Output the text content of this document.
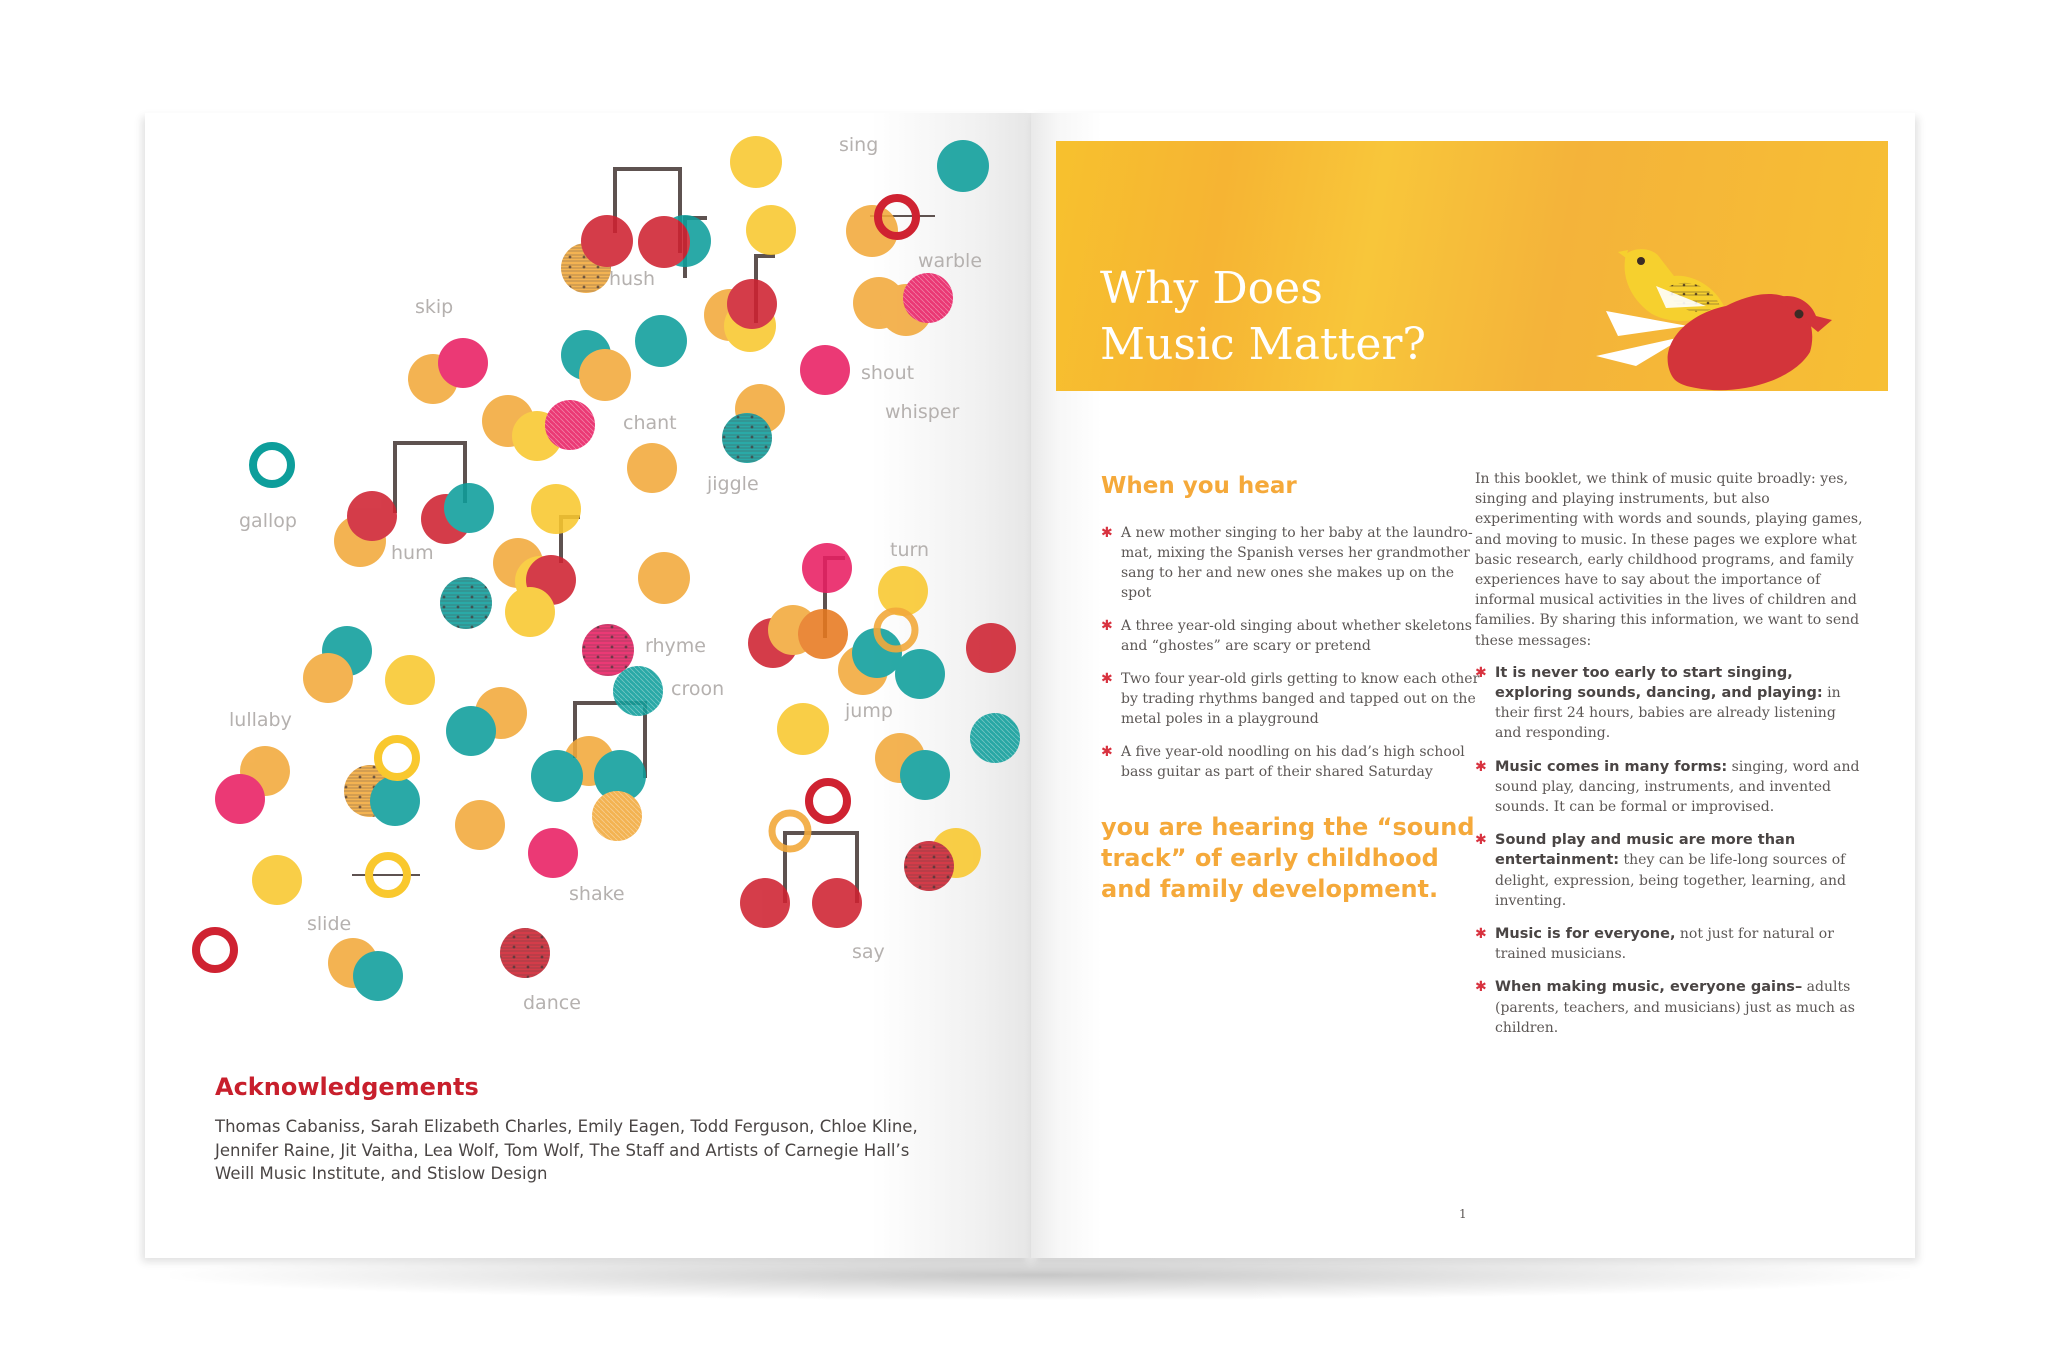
sing
warble
skip
hush
shout
whisper
chant
jiggle
gallop
hum	turn
rhyme
croon
jump
lullaby
shake
say
slide
dance
Acknowledgements

Thomas Cabaniss, Sarah Elizabeth Charles, Emily Eagen, Todd Ferguson, Chloe Kline, Jennifer Raine, Jit Vaitha, Lea Wolf, Tom Wolf, The Staff and Artists of Carnegie Hall’s Weill Music Institute, and Stislow Design

Why Does
Music Matter?
When you hear
✱ A new mother singing to her baby at the laundro-mat, mixing the Spanish verses her grandmother sang to her and new ones she makes up on the spot
✱ A three year-old singing about whether skeletons and “ghostes” are scary or pretend
✱ Two four year-old girls getting to know each other by trading rhythms banged and tapped out on the metal poles in a playground
✱ A five year-old noodling on his dad’s high school bass guitar as part of their shared Saturday

you are hearing the “sound track” of early childhood and family development.

In this booklet, we think of music quite broadly: yes, singing and playing instruments, but also experimenting with words and sounds, playing games, and moving to music. In these pages we explore what basic research, early childhood programs, and family experiences have to say about the importance of informal musical activities in the lives of children and families. By sharing this information, we want to send these messages:

✱ It is never too early to start singing, exploring sounds, dancing, and playing: in their first 24 hours, babies are already listening and responding.
✱ Music comes in many forms: singing, word and sound play, dancing, instruments, and invented sounds. It can be formal or improvised.
✱ Sound play and music are more than entertainment: they can be life-long sources of delight, expression, being together, learning, and inventing.
✱ Music is for everyone, not just for natural or trained musicians.
✱ When making music, everyone gains– adults (parents, teachers, and musicians) just as much as children.
1
